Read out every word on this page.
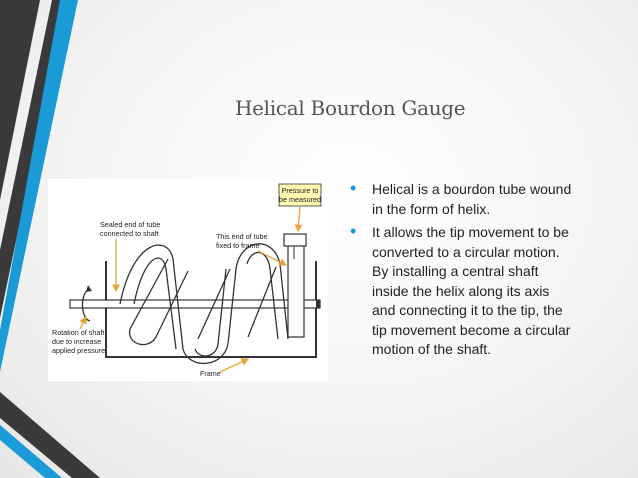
Helical Bourdon Gauge
Pressure to
be measured
Sealed end of tube
connected to shaft	This end of tube
fixed to frame
Rotation of shaft
due to increase
applied pressure
Frame
• Helical is a bourdon tube wound in the form of helix.
• It allows the tip movement to be converted to a circular motion. By installing a central shaft inside the helix along its axis and connecting it to the tip, the tip movement become a circular motion of the shaft.
